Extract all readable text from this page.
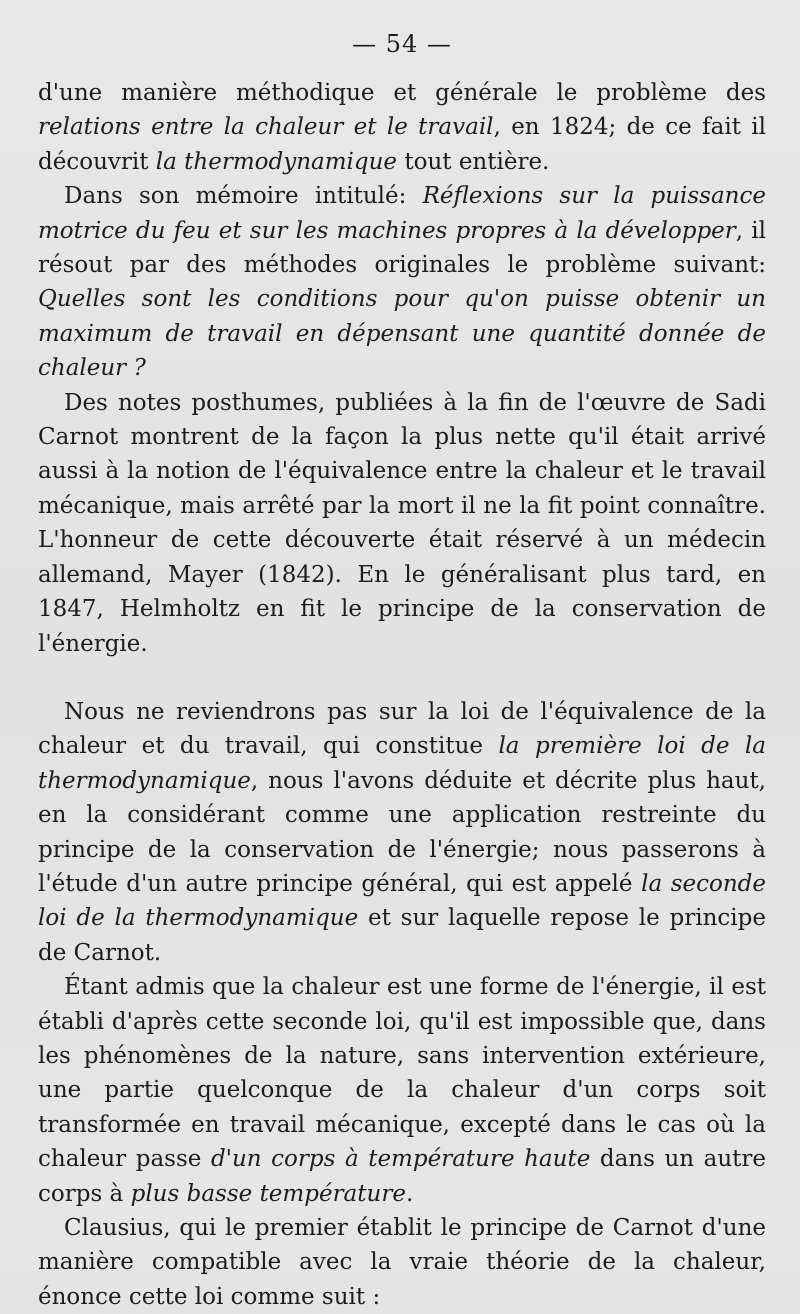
— 54 —

d'une manière méthodique et générale le problème des relations entre la chaleur et le travail, en 1824; de ce fait il découvrit la thermodynamique tout entière.

Dans son mémoire intitulé: Réflexions sur la puissance motrice du feu et sur les machines propres à la développer, il résout par des méthodes originales le problème suivant: Quelles sont les conditions pour qu'on puisse obtenir un maximum de travail en dépensant une quantité donnée de chaleur ?

Des notes posthumes, publiées à la fin de l'œuvre de Sadi Carnot montrent de la façon la plus nette qu'il était arrivé aussi à la notion de l'équivalence entre la chaleur et le travail mécanique, mais arrêté par la mort il ne la fit point connaître. L'honneur de cette découverte était réservé à un médecin allemand, Mayer (1842). En le généralisant plus tard, en 1847, Helmholtz en fit le principe de la conservation de l'énergie.

Nous ne reviendrons pas sur la loi de l'équivalence de la chaleur et du travail, qui constitue la première loi de la thermodynamique, nous l'avons déduite et décrite plus haut, en la considérant comme une application restreinte du principe de la conservation de l'énergie; nous passerons à l'étude d'un autre principe général, qui est appelé la seconde loi de la thermodynamique et sur laquelle repose le principe de Carnot.

Étant admis que la chaleur est une forme de l'énergie, il est établi d'après cette seconde loi, qu'il est impossible que, dans les phénomènes de la nature, sans intervention extérieure, une partie quelconque de la chaleur d'un corps soit transformée en travail mécanique, excepté dans le cas où la chaleur passe d'un corps à température haute dans un autre corps à plus basse température.

Clausius, qui le premier établit le principe de Carnot d'une manière compatible avec la vraie théorie de la chaleur, énonce cette loi comme suit :
